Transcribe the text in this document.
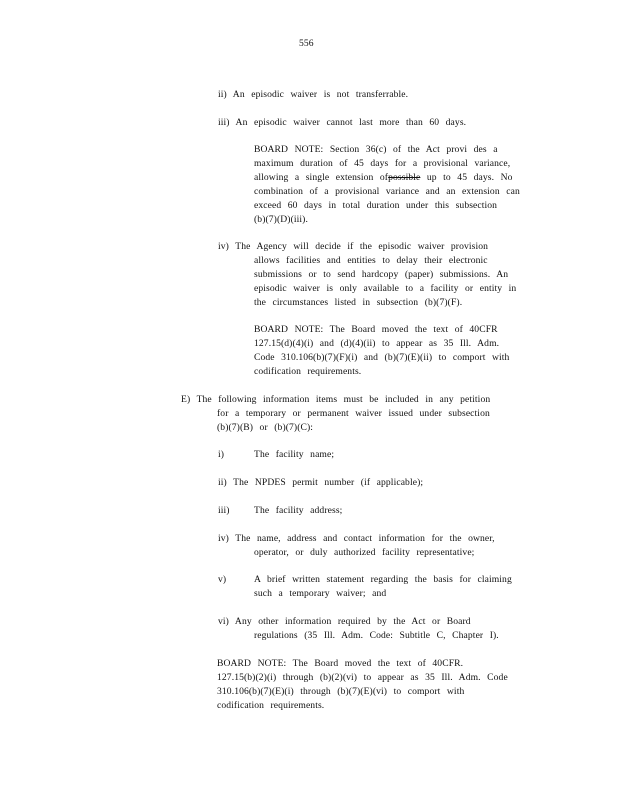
556
ii) An episodic waiver is not transferrable.
iii) An episodic waiver cannot last more than 60 days.
BOARD NOTE: Section 36(c) of the Act provi des a
maximum duration of 45 days for a provisional variance,
allowing a single extension ofpossible up to 45 days. No
combination of a provisional variance and an extension can
exceed 60 days in total duration under this subsection
(b)(7)(D)(iii).
iv) The Agency will decide if the episodic waiver provision
allows facilities and entities to delay their electronic
submissions or to send hardcopy (paper) submissions. An
episodic waiver is only available to a facility or entity in
the circumstances listed in subsection (b)(7)(F).
BOARD NOTE: The Board moved the text of 40CFR
127.15(d)(4)(i) and (d)(4)(ii) to appear as 35 Ill. Adm.
Code 310.106(b)(7)(F)(i) and (b)(7)(E)(ii) to comport with
codification requirements.
E) The following information items must be included in any petition
for a temporary or permanent waiver issued under subsection
(b)(7)(B) or (b)(7)(C):
i)	The facility name;
ii) The NPDES permit number (if applicable);
iii)	The facility address;
iv) The name, address and contact information for the owner,
operator, or duly authorized facility representative;
v)	A brief written statement regarding the basis for claiming
such a temporary waiver; and
vi) Any other information required by the Act or Board
regulations (35 Ill. Adm. Code: Subtitle C, Chapter I).
BOARD NOTE: The Board moved the text of 40CFR.
127.15(b)(2)(i) through (b)(2)(vi) to appear as 35 Ill. Adm. Code
310.106(b)(7)(E)(i) through (b)(7)(E)(vi) to comport with
codification requirements.
